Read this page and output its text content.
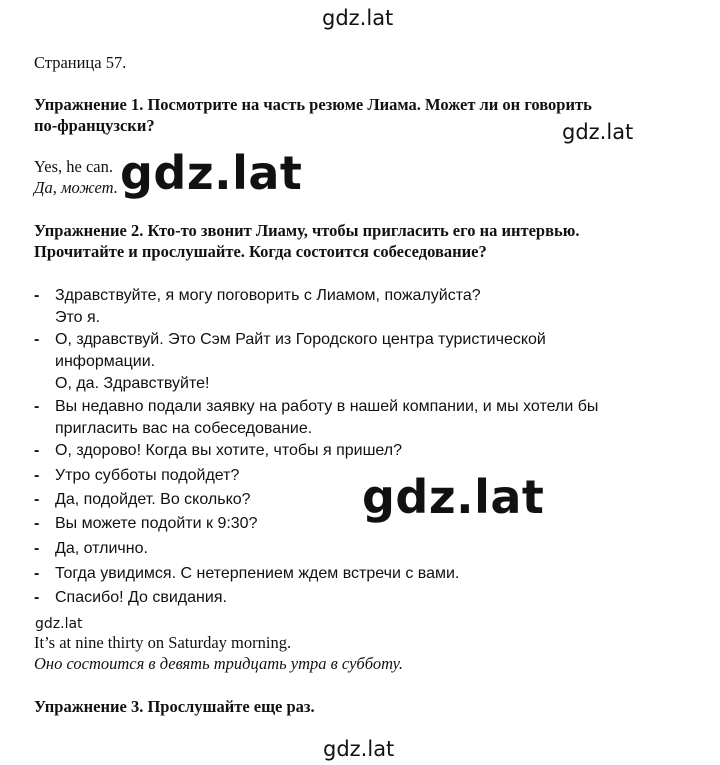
gdz.lat
Страница 57.
Упражнение 1. Посмотрите на часть резюме Лиама. Может ли он говорить
по-французски?	gdz.lat
Yes, he can.
Да, может. gdz.lat
Упражнение 2. Кто-то звонит Лиаму, чтобы пригласить его на интервью.
Прочитайте и прослушайте. Когда состоится собеседование?
- Здравствуйте, я могу поговорить с Лиамом, пожалуйста?
Это я.
- О, здравствуй. Это Сэм Райт из Городского центра туристической
информации.
О, да. Здравствуйте!
- Вы недавно подали заявку на работу в нашей компании, и мы хотели бы
пригласить вас на собеседование.
- О, здорово! Когда вы хотите, чтобы я пришел?
- Утро субботы подойдет?
- Да, подойдет. Во сколько?
- Вы можете подойти к 9:30?
- Да, отлично.
- Тогда увидимся. С нетерпением ждем встречи с вами.
- Спасибо! До свидания.
gdz.lat
gdz.lat
It’s at nine thirty on Saturday morning.
Оно состоится в девять тридцать утра в субботу.
Упражнение 3. Прослушайте еще раз.
gdz.lat
